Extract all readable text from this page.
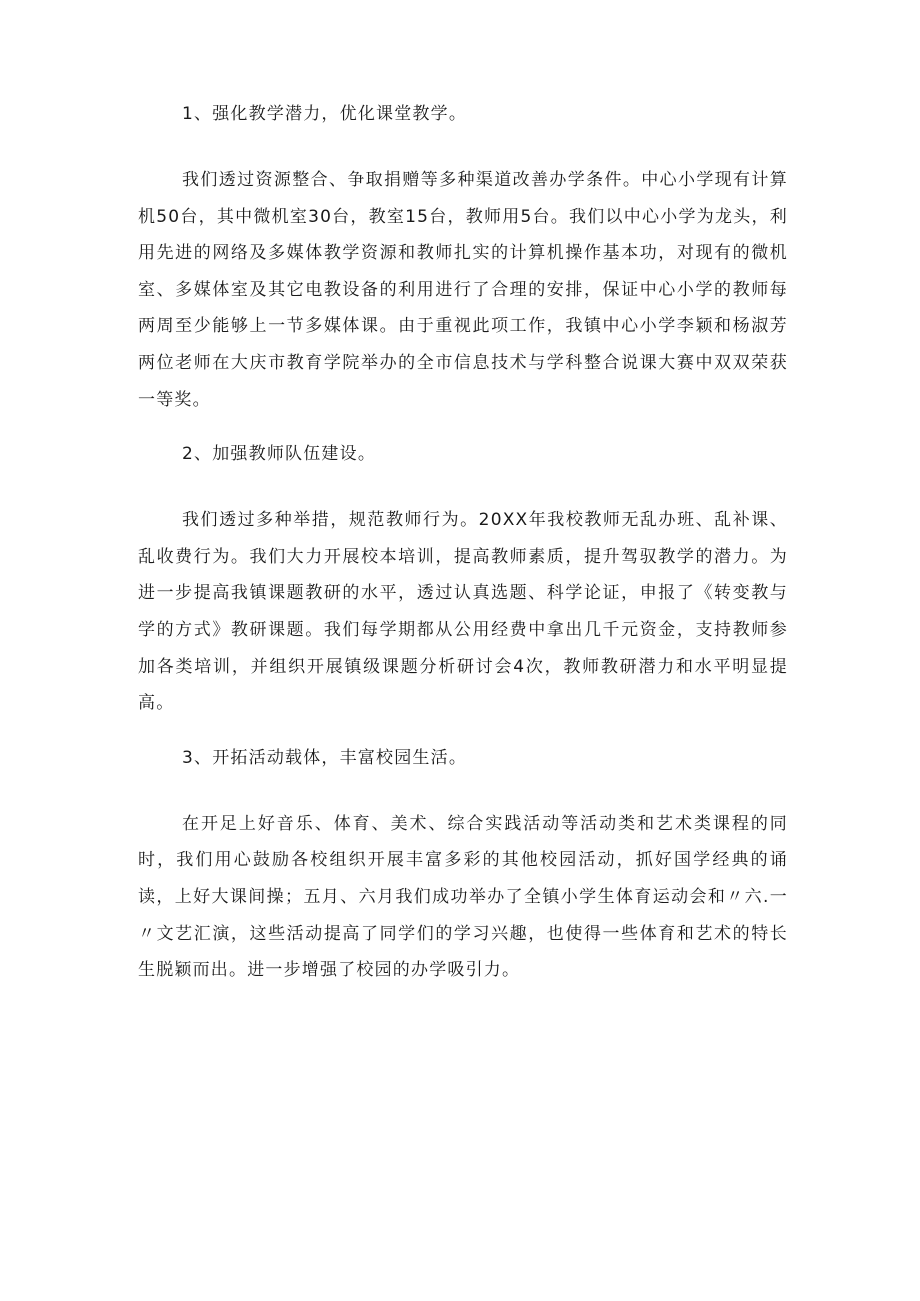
1、强化教学潜力，优化课堂教学。

我们透过资源整合、争取捐赠等多种渠道改善办学条件。中心小学现有计算机50台，其中微机室30台，教室15台，教师用5台。我们以中心小学为龙头，利用先进的网络及多媒体教学资源和教师扎实的计算机操作基本功，对现有的微机室、多媒体室及其它电教设备的利用进行了合理的安排，保证中心小学的教师每两周至少能够上一节多媒体课。由于重视此项工作，我镇中心小学李颖和杨淑芳两位老师在大庆市教育学院举办的全市信息技术与学科整合说课大赛中双双荣获一等奖。

2、加强教师队伍建设。

我们透过多种举措，规范教师行为。20XX年我校教师无乱办班、乱补课、乱收费行为。我们大力开展校本培训，提高教师素质，提升驾驭教学的潜力。为进一步提高我镇课题教研的水平，透过认真选题、科学论证，申报了《转变教与学的方式》教研课题。我们每学期都从公用经费中拿出几千元资金，支持教师参加各类培训，并组织开展镇级课题分析研讨会4次，教师教研潜力和水平明显提高。

3、开拓活动载体，丰富校园生活。

在开足上好音乐、体育、美术、综合实践活动等活动类和艺术类课程的同时，我们用心鼓励各校组织开展丰富多彩的其他校园活动，抓好国学经典的诵读，上好大课间操；五月、六月我们成功举办了全镇小学生体育运动会和〃六.一〃文艺汇演，这些活动提高了同学们的学习兴趣，也使得一些体育和艺术的特长生脱颖而出。进一步增强了校园的办学吸引力。
